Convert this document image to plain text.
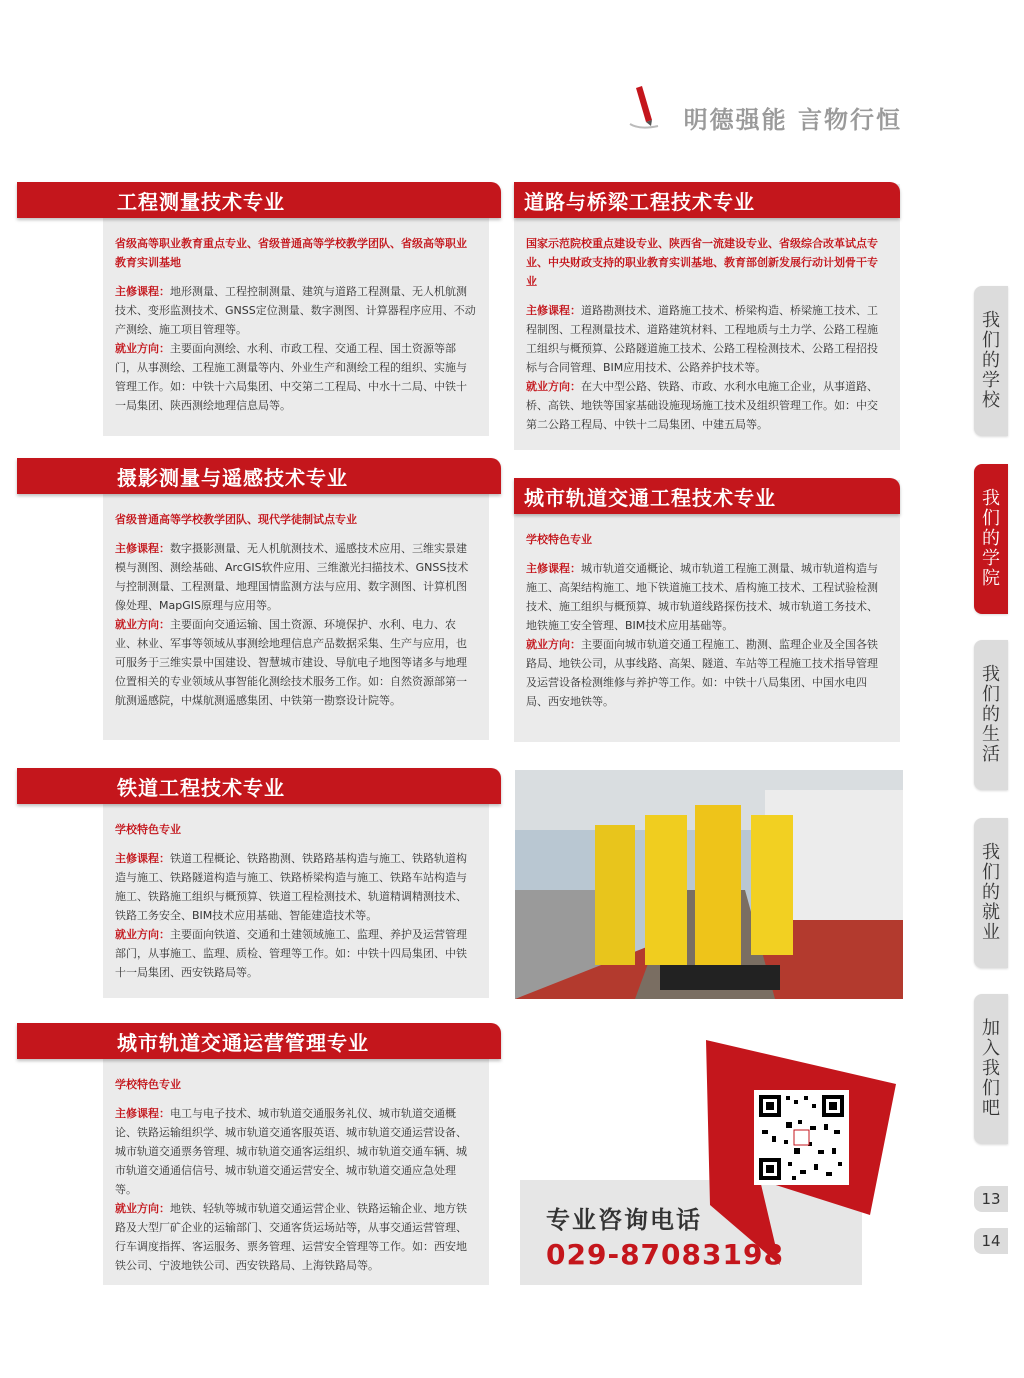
明德强能 言物行恒
工程测量技术专业
省级高等职业教育重点专业、省级普通高等学校教学团队、省级高等职业教育实训基地
主修课程：地形测量、工程控制测量、建筑与道路工程测量、无人机航测技术、变形监测技术、GNSS定位测量、数字测图、计算器程序应用、不动产测绘、施工项目管理等。
就业方向：主要面向测绘、水利、市政工程、交通工程、国土资源等部门，从事测绘、工程施工测量等内、外业生产和测绘工程的组织、实施与管理工作。如：中铁十六局集团、中交第二工程局、中水十二局、中铁十一局集团、陕西测绘地理信息局等。
摄影测量与遥感技术专业
省级普通高等学校教学团队、现代学徒制试点专业
主修课程：数字摄影测量、无人机航测技术、遥感技术应用、三维实景建模与测图、测绘基础、ArcGIS软件应用、三维激光扫描技术、GNSS技术与控制测量、工程测量、地理国情监测方法与应用、数字测图、计算机图像处理、MapGIS原理与应用等。
就业方向：主要面向交通运输、国土资源、环境保护、水利、电力、农业、林业、军事等领域从事测绘地理信息产品数据采集、生产与应用，也可服务于三维实景中国建设、智慧城市建设、导航电子地图等诸多与地理位置相关的专业领域从事智能化测绘技术服务工作。如：自然资源部第一航测遥感院，中煤航测遥感集团、中铁第一勘察设计院等。
铁道工程技术专业
学校特色专业
主修课程：铁道工程概论、铁路勘测、铁路路基构造与施工、铁路轨道构造与施工、铁路隧道构造与施工、铁路桥梁构造与施工、铁路车站构造与施工、铁路施工组织与概预算、铁道工程检测技术、轨道精调精测技术、铁路工务安全、BIM技术应用基础、智能建造技术等。
就业方向：主要面向铁道、交通和土建领域施工、监理、养护及运营管理部门，从事施工、监理、质检、管理等工作。如：中铁十四局集团、中铁十一局集团、西安铁路局等。
城市轨道交通运营管理专业
学校特色专业
主修课程：电工与电子技术、城市轨道交通服务礼仪、城市轨道交通概论、铁路运输组织学、城市轨道交通客服英语、城市轨道交通运营设备、城市轨道交通票务管理、城市轨道交通客运组织、城市轨道交通车辆、城市轨道交通通信信号、城市轨道交通运营安全、城市轨道交通应急处理等。
就业方向：地铁、轻轨等城市轨道交通运营企业、铁路运输企业、地方铁路及大型厂矿企业的运输部门、交通客货运场站等，从事交通运营管理、行车调度指挥、客运服务、票务管理、运营安全管理等工作。如：西安地铁公司、宁波地铁公司、西安铁路局、上海铁路局等。
道路与桥梁工程技术专业
国家示范院校重点建设专业、陕西省一流建设专业、省级综合改革试点专业、中央财政支持的职业教育实训基地、教育部创新发展行动计划骨干专业
主修课程：道路勘测技术、道路施工技术、桥梁构造、桥梁施工技术、工程制图、工程测量技术、道路建筑材料、工程地质与土力学、公路工程施工组织与概预算、公路隧道施工技术、公路工程检测技术、公路工程招投标与合同管理、BIM应用技术、公路养护技术等。
就业方向：在大中型公路、铁路、市政、水利水电施工企业，从事道路、桥、高铁、地铁等国家基础设施现场施工技术及组织管理工作。如：中交第二公路工程局、中铁十二局集团、中建五局等。
城市轨道交通工程技术专业
学校特色专业
主修课程：城市轨道交通概论、城市轨道工程施工测量、城市轨道构造与施工、高架结构施工、地下铁道施工技术、盾构施工技术、工程试验检测技术、施工组织与概预算、城市轨道线路探伤技术、城市轨道工务技术、地铁施工安全管理、BIM技术应用基础等。
就业方向：主要面向城市轨道交通工程施工、勘测、监理企业及全国各铁路局、地铁公司，从事线路、高架、隧道、车站等工程施工技术指导管理及运营设备检测维修与养护等工作。如：中铁十八局集团、中国水电四局、西安地铁等。
专业咨询电话
029-87083198
我们的学校
我们的学院
我们的生活
我们的就业
加入我们吧
13
14
